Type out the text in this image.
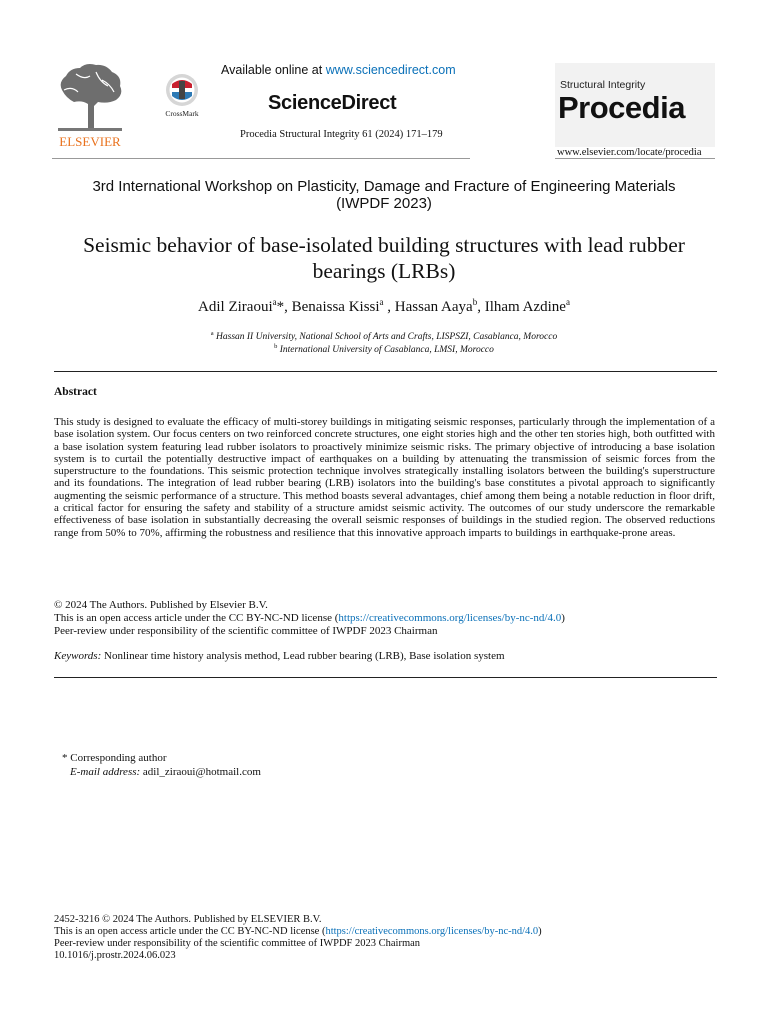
ELSEVIER
CrossMark
Available online at www.sciencedirect.com
ScienceDirect
Procedia Structural Integrity 61 (2024) 171–179
Structural Integrity
Procedia
www.elsevier.com/locate/procedia
3rd International Workshop on Plasticity, Damage and Fracture of Engineering Materials
(IWPDF 2023)
Seismic behavior of base-isolated building structures with lead rubber bearings (LRBs)
Adil Ziraoui$^a$*, Benaissa Kissi$^a$ , Hassan Aaya$^b$, Ilham Azdine$^a$
$^a$ Hassan II University, National School of Arts and Crafts, LISPSZI, Casablanca, Morocco
$^b$ International University of Casablanca, LMSI, Morocco
Abstract
This study is designed to evaluate the efficacy of multi-storey buildings in mitigating seismic responses, particularly through the implementation of a base isolation system. Our focus centers on two reinforced concrete structures, one eight stories high and the other ten stories high, both outfitted with a base isolation system featuring lead rubber isolators to proactively minimize seismic risks. The primary objective of introducing a base isolation system is to curtail the potentially destructive impact of earthquakes on a building by attenuating the transmission of seismic forces from the superstructure to the foundations. This seismic protection technique involves strategically installing isolators between the building's superstructure and its foundations. The integration of lead rubber bearing (LRB) isolators into the building's base constitutes a pivotal approach to significantly augmenting the seismic performance of a structure. This method boasts several advantages, chief among them being a notable reduction in floor drift, a critical factor for ensuring the safety and stability of a structure amidst seismic activity. The outcomes of our study underscore the remarkable effectiveness of base isolation in substantially decreasing the overall seismic responses of buildings in the studied region. The observed reductions range from 50% to 70%, affirming the robustness and resilience that this innovative approach imparts to buildings in earthquake-prone areas.
© 2024 The Authors. Published by Elsevier B.V.
This is an open access article under the CC BY-NC-ND license (https://creativecommons.org/licenses/by-nc-nd/4.0)
Peer-review under responsibility of the scientific committee of IWPDF 2023 Chairman
Keywords: Nonlinear time history analysis method, Lead rubber bearing (LRB), Base isolation system
* Corresponding author
E-mail address: adil_ziraoui@hotmail.com
2452-3216 © 2024 The Authors. Published by ELSEVIER B.V.
This is an open access article under the CC BY-NC-ND license (https://creativecommons.org/licenses/by-nc-nd/4.0)
Peer-review under responsibility of the scientific committee of IWPDF 2023 Chairman
10.1016/j.prostr.2024.06.023
